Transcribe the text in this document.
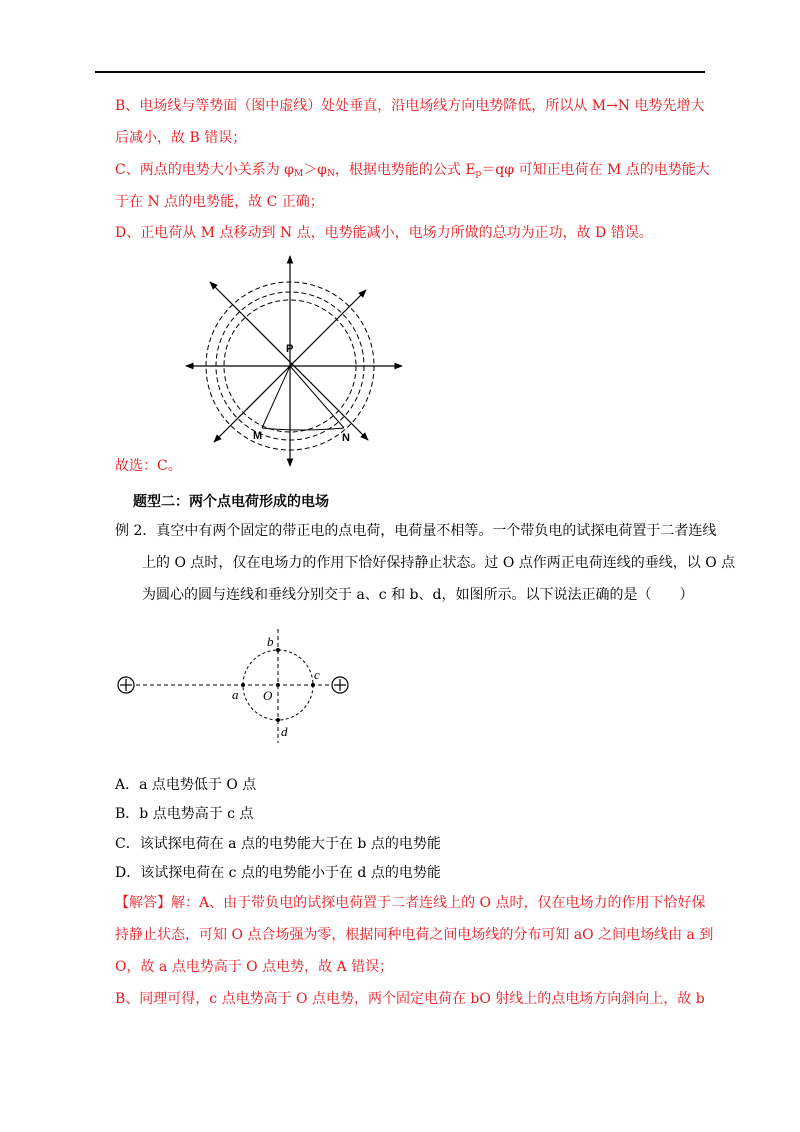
B、电场线与等势面（图中虚线）处处垂直，沿电场线方向电势降低，所以从 M→N 电势先增大
后减小，故 B 错误；
C、两点的电势大小关系为 $\varphi_M>\varphi_N$，根据电势能的公式 $E_p=q\varphi$ 可知正电荷在 M 点的电势能大
于在 N 点的电势能，故 C 正确；
D、正电荷从 M 点移动到 N 点，电势能减小，电场力所做的总功为正功，故 D 错误。
P
M	N
故选：C。
题型二：两个点电荷形成的电场
例 2．真空中有两个固定的带正电的点电荷，电荷量不相等。一个带负电的试探电荷置于二者连线
上的 O 点时，仅在电场力的作用下恰好保持静止状态。过 O 点作两正电荷连线的垂线，以 O 点
为圆心的圆与连线和垂线分别交于 a、c 和 b、d，如图所示。以下说法正确的是（　　）
a
b
c
d
O
A．a 点电势低于 O 点
B．b 点电势高于 c 点
C．该试探电荷在 a 点的电势能大于在 b 点的电势能
D．该试探电荷在 c 点的电势能小于在 d 点的电势能
【解答】解：A、由于带负电的试探电荷置于二者连线上的 O 点时，仅在电场力的作用下恰好保
持静止状态，可知 O 点合场强为零，根据同种电荷之间电场线的分布可知 aO 之间电场线由 a 到
O，故 a 点电势高于 O 点电势，故 A 错误；
B、同理可得，c 点电势高于 O 点电势，两个固定电荷在 bO 射线上的点电场方向斜向上，故 b
